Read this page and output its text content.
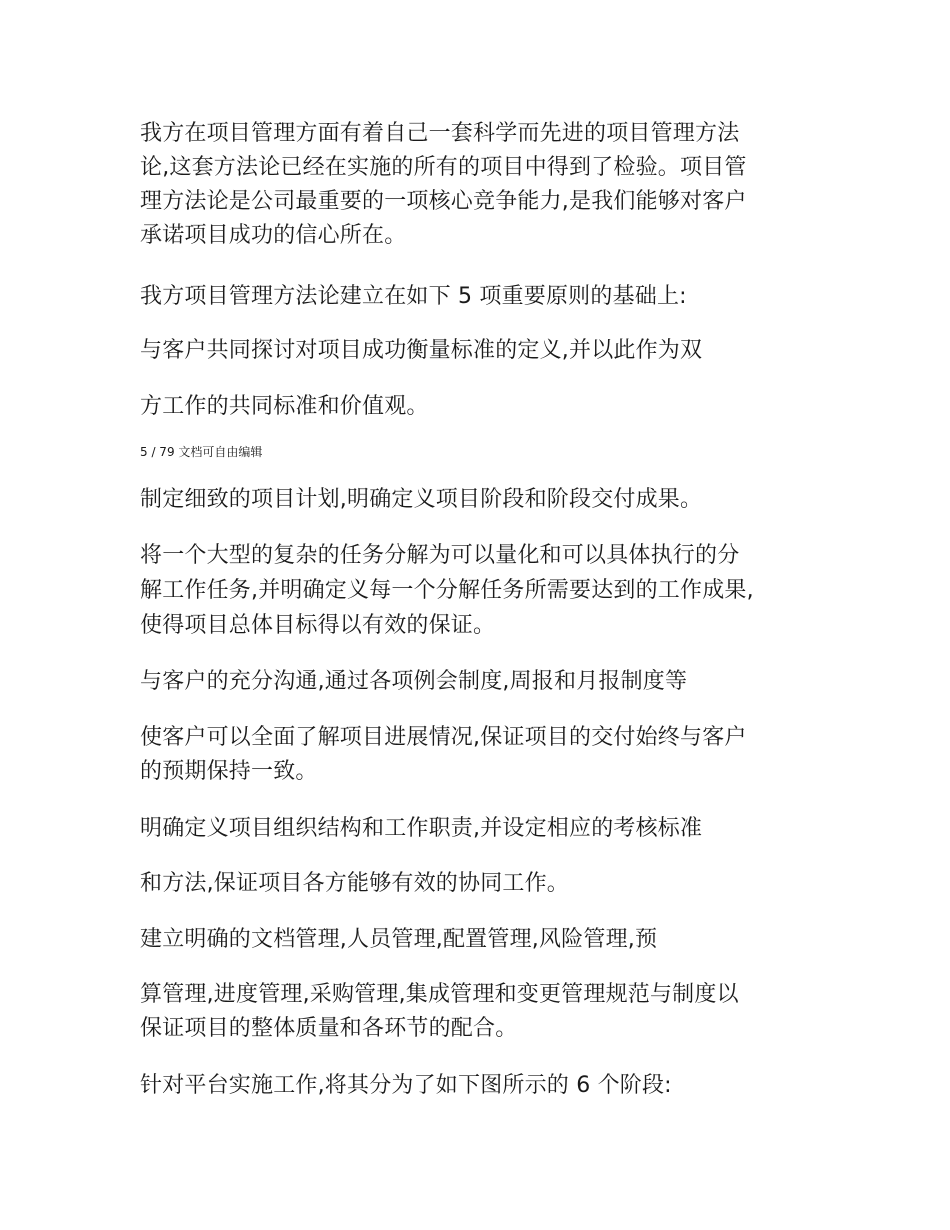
我方在项目管理方面有着自己一套科学而先进的项目管理方法
论,这套方法论已经在实施的所有的项目中得到了检验。项目管
理方法论是公司最重要的一项核心竞争能力,是我们能够对客户
承诺项目成功的信心所在。
我方项目管理方法论建立在如下 5 项重要原则的基础上:
与客户共同探讨对项目成功衡量标准的定义,并以此作为双
方工作的共同标准和价值观。
5 / 79 文档可自由编辑
制定细致的项目计划,明确定义项目阶段和阶段交付成果。
将一个大型的复杂的任务分解为可以量化和可以具体执行的分
解工作任务,并明确定义每一个分解任务所需要达到的工作成果,
使得项目总体目标得以有效的保证。
与客户的充分沟通,通过各项例会制度,周报和月报制度等
使客户可以全面了解项目进展情况,保证项目的交付始终与客户
的预期保持一致。
明确定义项目组织结构和工作职责,并设定相应的考核标准
和方法,保证项目各方能够有效的协同工作。
建立明确的文档管理,人员管理,配置管理,风险管理,预
算管理,进度管理,采购管理,集成管理和变更管理规范与制度以
保证项目的整体质量和各环节的配合。
针对平台实施工作,将其分为了如下图所示的 6 个阶段:
